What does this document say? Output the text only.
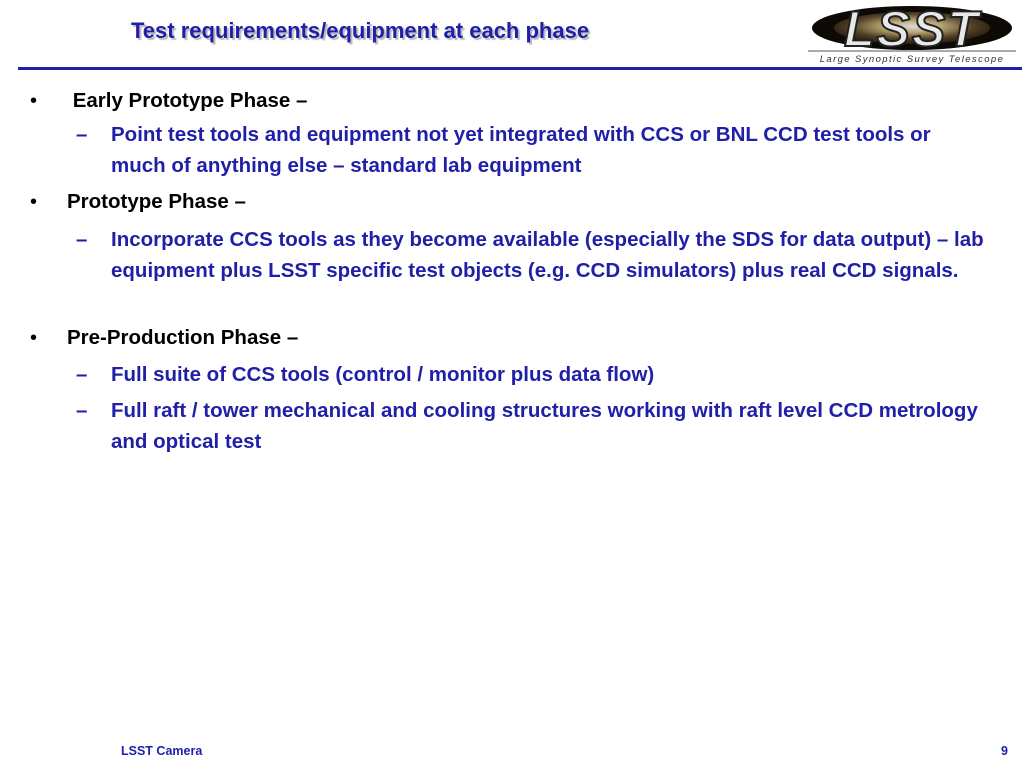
Test requirements/equipment at each phase	LSST
Large Synoptic Survey Telescope
• Early Prototype Phase –
– Point test tools and equipment not yet integrated with CCS or BNL CCD test tools or much of anything else – standard lab equipment
• Prototype Phase –
– Incorporate CCS tools as they become available (especially the SDS for data output) – lab equipment plus LSST specific test objects (e.g. CCD simulators) plus real CCD signals.
• Pre-Production Phase –
– Full suite of CCS tools (control / monitor plus data flow)
– Full raft / tower mechanical and cooling structures working with raft level CCD metrology and optical test
LSST Camera	9
